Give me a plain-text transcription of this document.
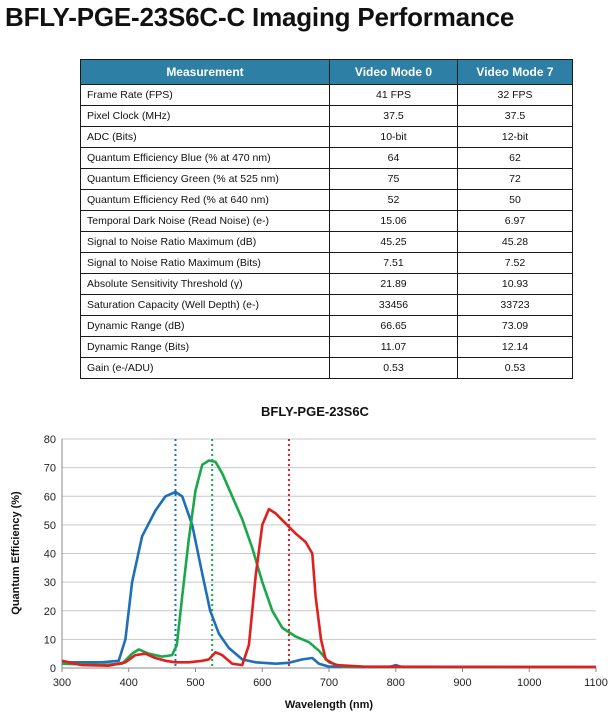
BFLY-PGE-23S6C-C Imaging Performance
Measurement	Video Mode 0	Video Mode 7
Frame Rate (FPS)	41 FPS	32 FPS
Pixel Clock (MHz)	37.5	37.5
ADC (Bits)	10-bit	12-bit
Quantum Efficiency Blue (% at 470 nm)	64	62
Quantum Efficiency Green (% at 525 nm)	75	72
Quantum Efficiency Red (% at 640 nm)	52	50
Temporal Dark Noise (Read Noise) (e-)	15.06	6.97
Signal to Noise Ratio Maximum (dB)	45.25	45.28
Signal to Noise Ratio Maximum (Bits)	7.51	7.52
Absolute Sensitivity Threshold (γ)	21.89	10.93
Saturation Capacity (Well Depth) (e-)	33456	33723
Dynamic Range (dB)	66.65	73.09
Dynamic Range (Bits)	11.07	12.14
Gain (e-/ADU)	0.53	0.53
BFLY-PGE-23S6C
0
10
20
30
40
50
60
70
80
300	400	500	600	700	800	900	1000	1100
Wavelength (nm)
Quantum Efficiency (%)
